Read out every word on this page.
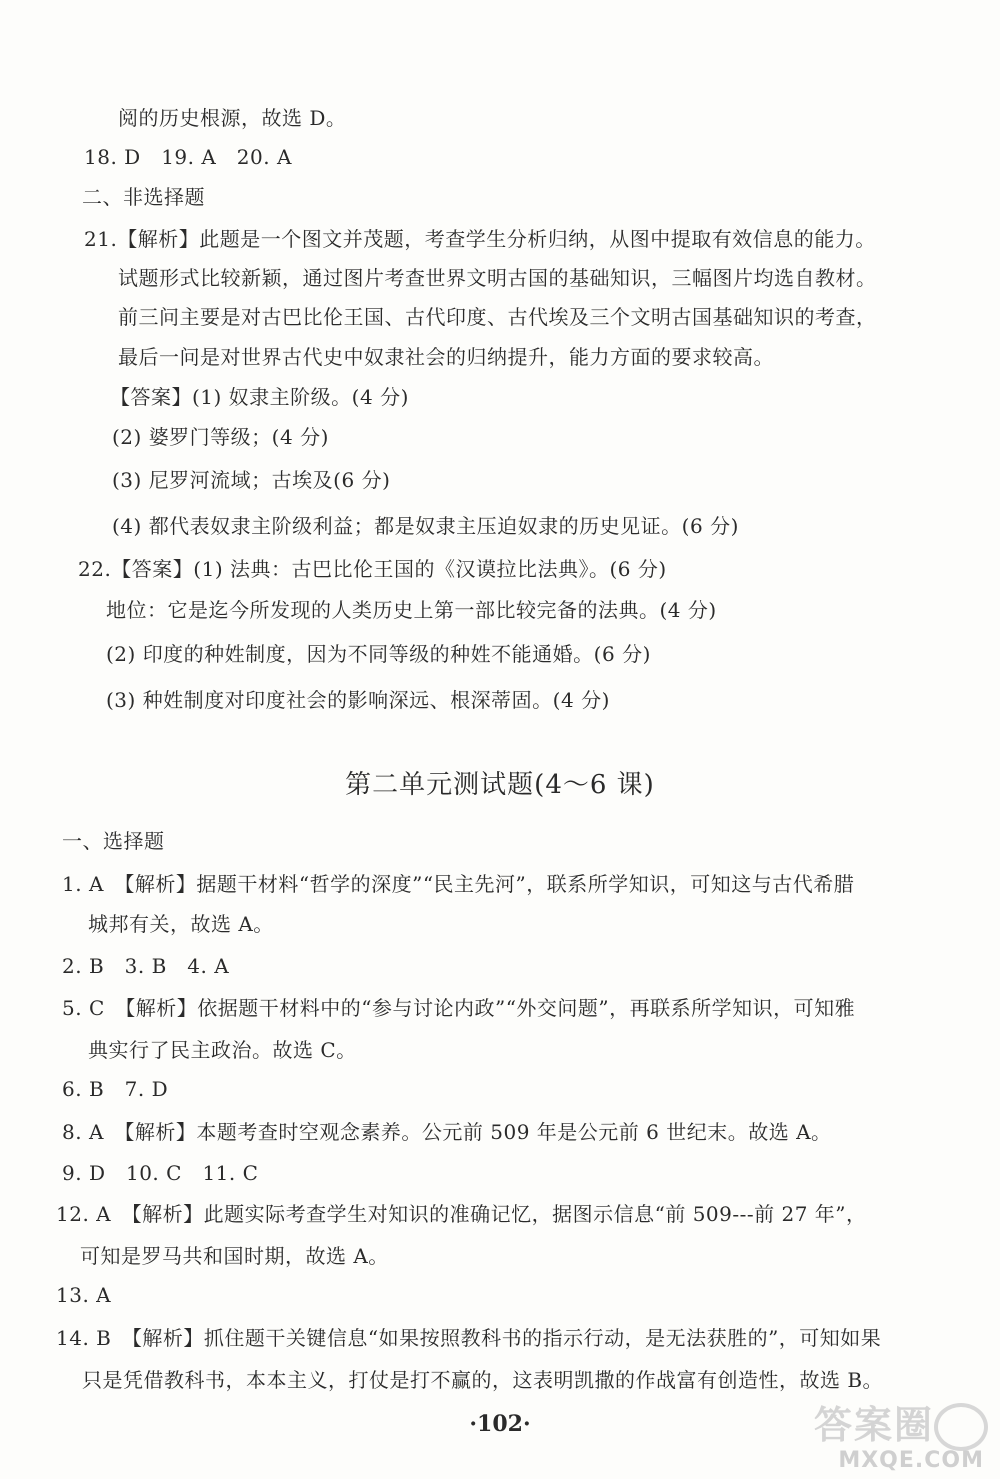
阅的历史根源，故选 D。
18. D　19. A　20. A
二、非选择题
21.【解析】此题是一个图文并茂题，考查学生分析归纳，从图中提取有效信息的能力。
试题形式比较新颖，通过图片考查世界文明古国的基础知识，三幅图片均选自教材。
前三问主要是对古巴比伦王国、古代印度、古代埃及三个文明古国基础知识的考查，
最后一问是对世界古代史中奴隶社会的归纳提升，能力方面的要求较高。
【答案】(1) 奴隶主阶级。(4 分)
(2) 婆罗门等级；(4 分)
(3) 尼罗河流域；古埃及(6 分)
(4) 都代表奴隶主阶级利益；都是奴隶主压迫奴隶的历史见证。(6 分)
22.【答案】(1) 法典：古巴比伦王国的《汉谟拉比法典》。(6 分)
地位：它是迄今所发现的人类历史上第一部比较完备的法典。(4 分)
(2) 印度的种姓制度，因为不同等级的种姓不能通婚。(6 分)
(3) 种姓制度对印度社会的影响深远、根深蒂固。(4 分)
第二单元测试题(4～6 课)
一、选择题
1. A　【解析】据题干材料“哲学的深度”“民主先河”，联系所学知识，可知这与古代希腊
城邦有关，故选 A。
2. B　3. B　4. A
5. C　【解析】依据题干材料中的“参与讨论内政”“外交问题”，再联系所学知识，可知雅
典实行了民主政治。故选 C。
6. B　7. D
8. A　【解析】本题考查时空观念素养。公元前 509 年是公元前 6 世纪末。故选 A。
9. D　10. C　11. C
12. A　【解析】此题实际考查学生对知识的准确记忆，据图示信息“前 509---前 27 年”，
可知是罗马共和国时期，故选 A。
13. A
14. B　【解析】抓住题干关键信息“如果按照教科书的指示行动，是无法获胜的”，可知如果
只是凭借教科书，本本主义，打仗是打不赢的，这表明凯撒的作战富有创造性，故选 B。
·102·	答案圈
MXQE.COM
